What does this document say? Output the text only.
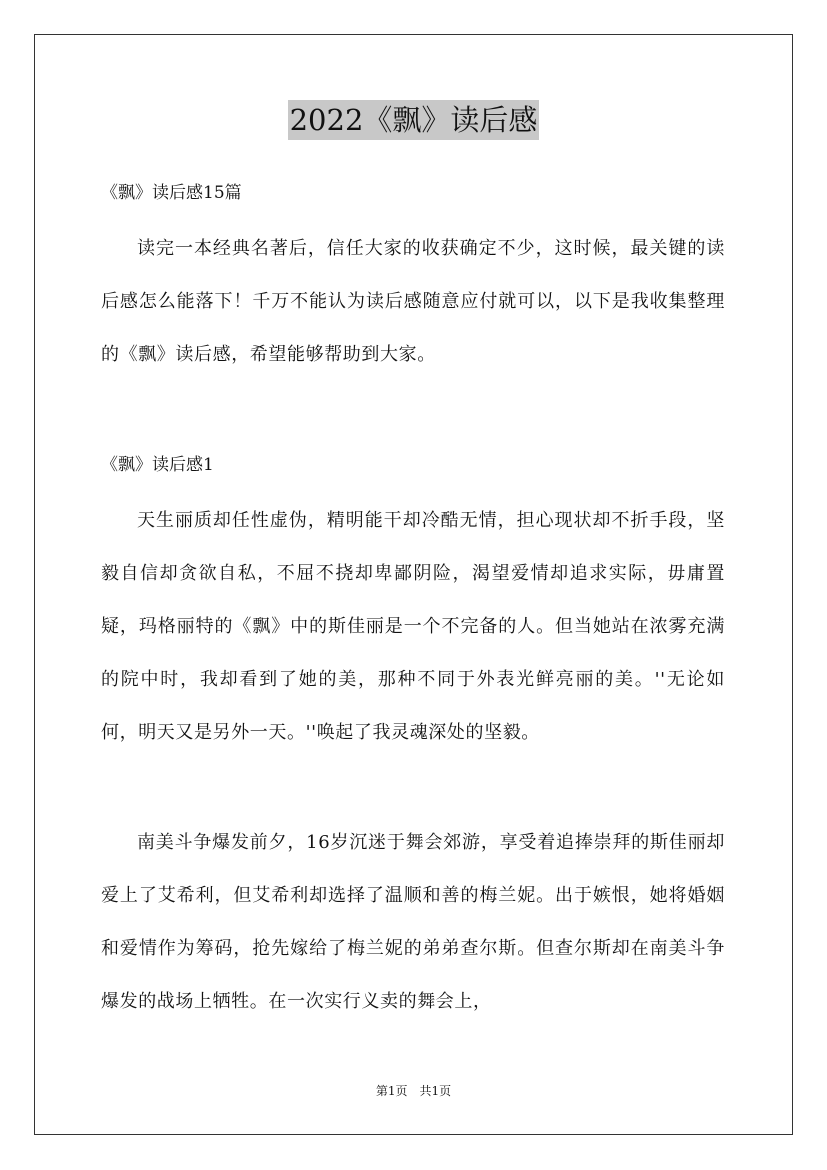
2022《飘》读后感
《飘》读后感15篇

读完一本经典名著后，信任大家的收获确定不少，这时候，最关键的读后感怎么能落下！千万不能认为读后感随意应付就可以，以下是我收集整理的《飘》读后感，希望能够帮助到大家。

《飘》读后感1

天生丽质却任性虚伪，精明能干却冷酷无情，担心现状却不折手段，坚毅自信却贪欲自私，不屈不挠却卑鄙阴险，渴望爱情却追求实际，毋庸置疑，玛格丽特的《飘》中的斯佳丽是一个不完备的人。但当她站在浓雾充满的院中时，我却看到了她的美，那种不同于外表光鲜亮丽的美。''无论如何，明天又是另外一天。''唤起了我灵魂深处的坚毅。

南美斗争爆发前夕，16岁沉迷于舞会郊游，享受着追捧崇拜的斯佳丽却爱上了艾希利，但艾希利却选择了温顺和善的梅兰妮。出于嫉恨，她将婚姻和爱情作为筹码，抢先嫁给了梅兰妮的弟弟查尔斯。但查尔斯却在南美斗争爆发的战场上牺牲。在一次实行义卖的舞会上，

第1页　共1页
